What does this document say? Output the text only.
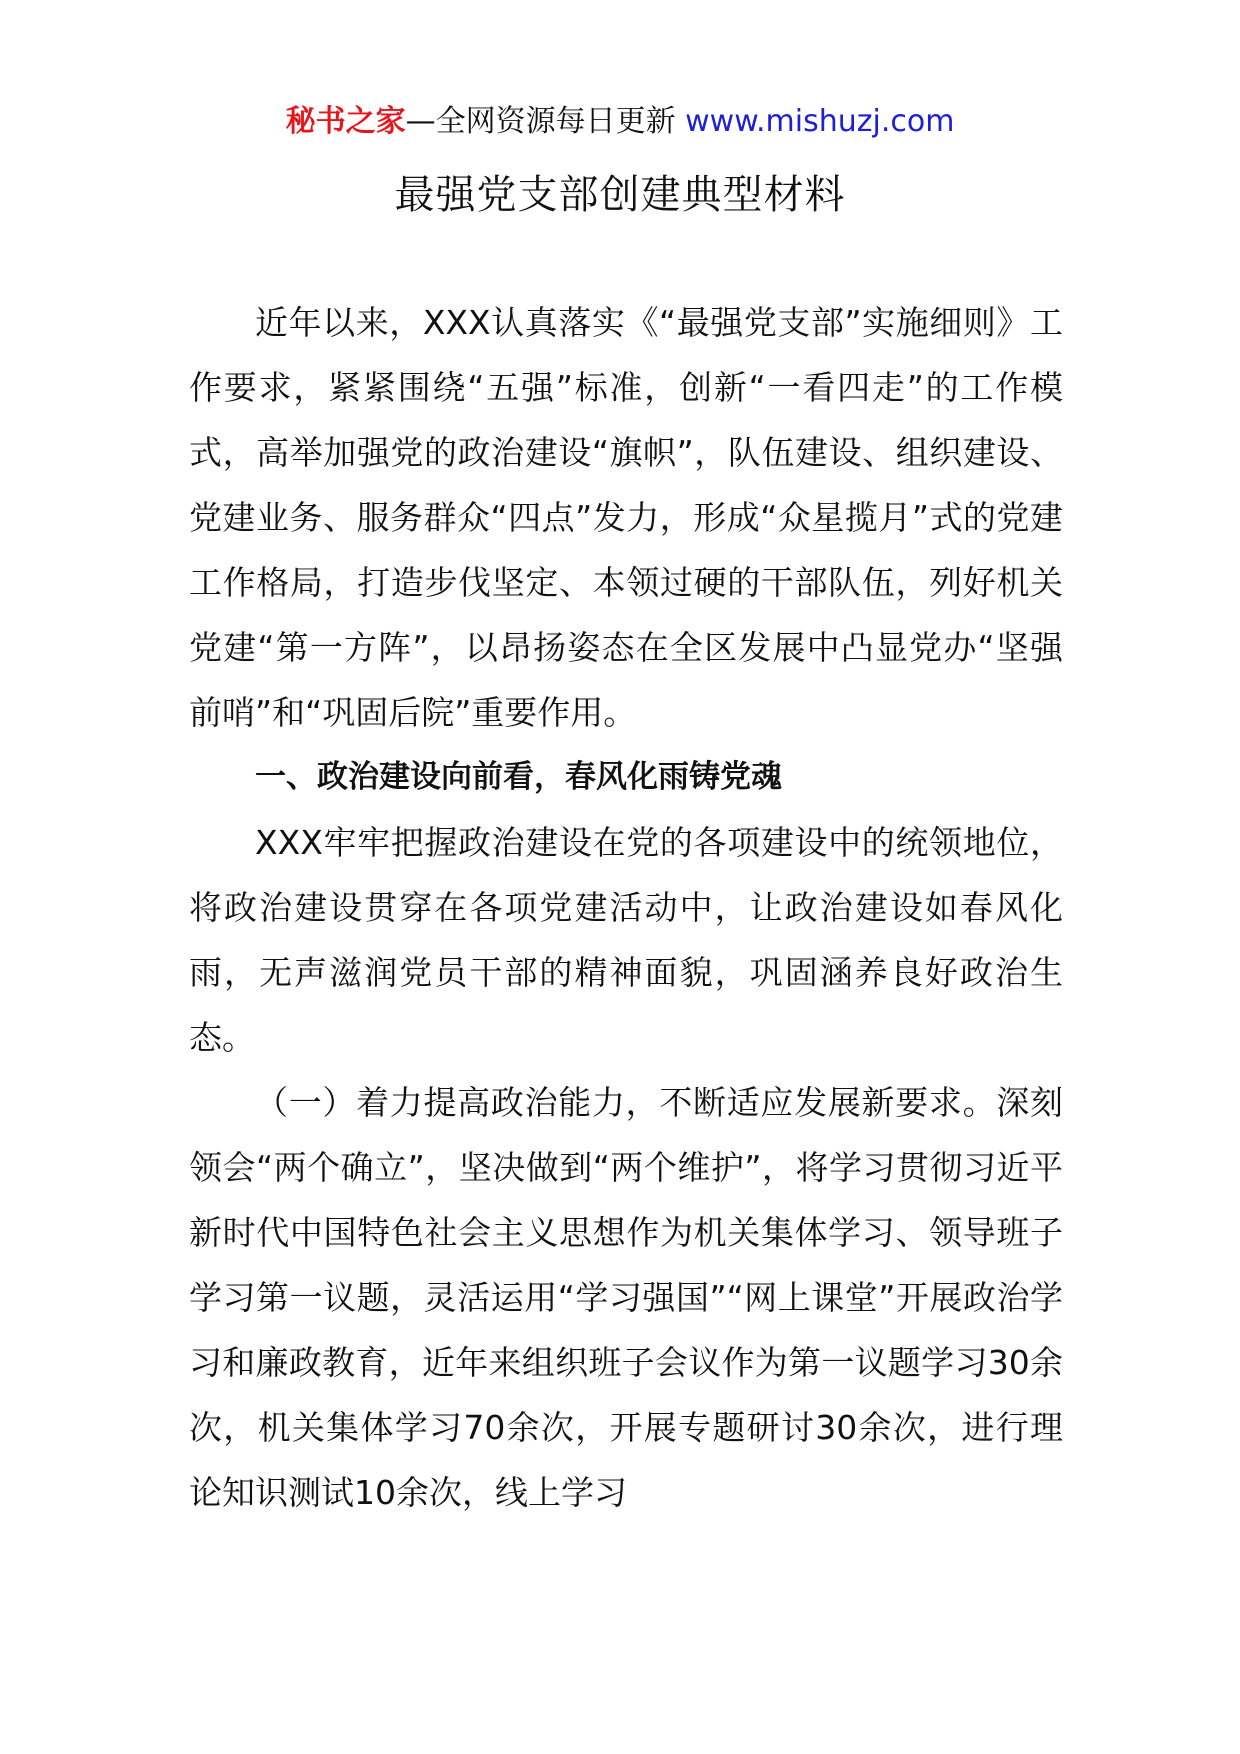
秘书之家—全网资源每日更新 www.mishuzj.com
最强党支部创建典型材料

近年以来，XXX认真落实《“最强党支部”实施细则》工作要求，紧紧围绕“五强”标准，创新“一看四走”的工作模式，高举加强党的政治建设“旗帜”，队伍建设、组织建设、党建业务、服务群众“四点”发力，形成“众星揽月”式的党建工作格局，打造步伐坚定、本领过硬的干部队伍，列好机关党建“第一方阵”，以昂扬姿态在全区发展中凸显党办“坚强前哨”和“巩固后院”重要作用。

一、政治建设向前看，春风化雨铸党魂

XXX牢牢把握政治建设在党的各项建设中的统领地位，将政治建设贯穿在各项党建活动中，让政治建设如春风化雨，无声滋润党员干部的精神面貌，巩固涵养良好政治生态。

（一）着力提高政治能力，不断适应发展新要求。深刻领会“两个确立”，坚决做到“两个维护”，将学习贯彻习近平新时代中国特色社会主义思想作为机关集体学习、领导班子学习第一议题，灵活运用“学习强国”“网上课堂”开展政治学习和廉政教育，近年来组织班子会议作为第一议题学习30余次，机关集体学习70余次，开展专题研讨30余次，进行理论知识测试10余次，线上学习
